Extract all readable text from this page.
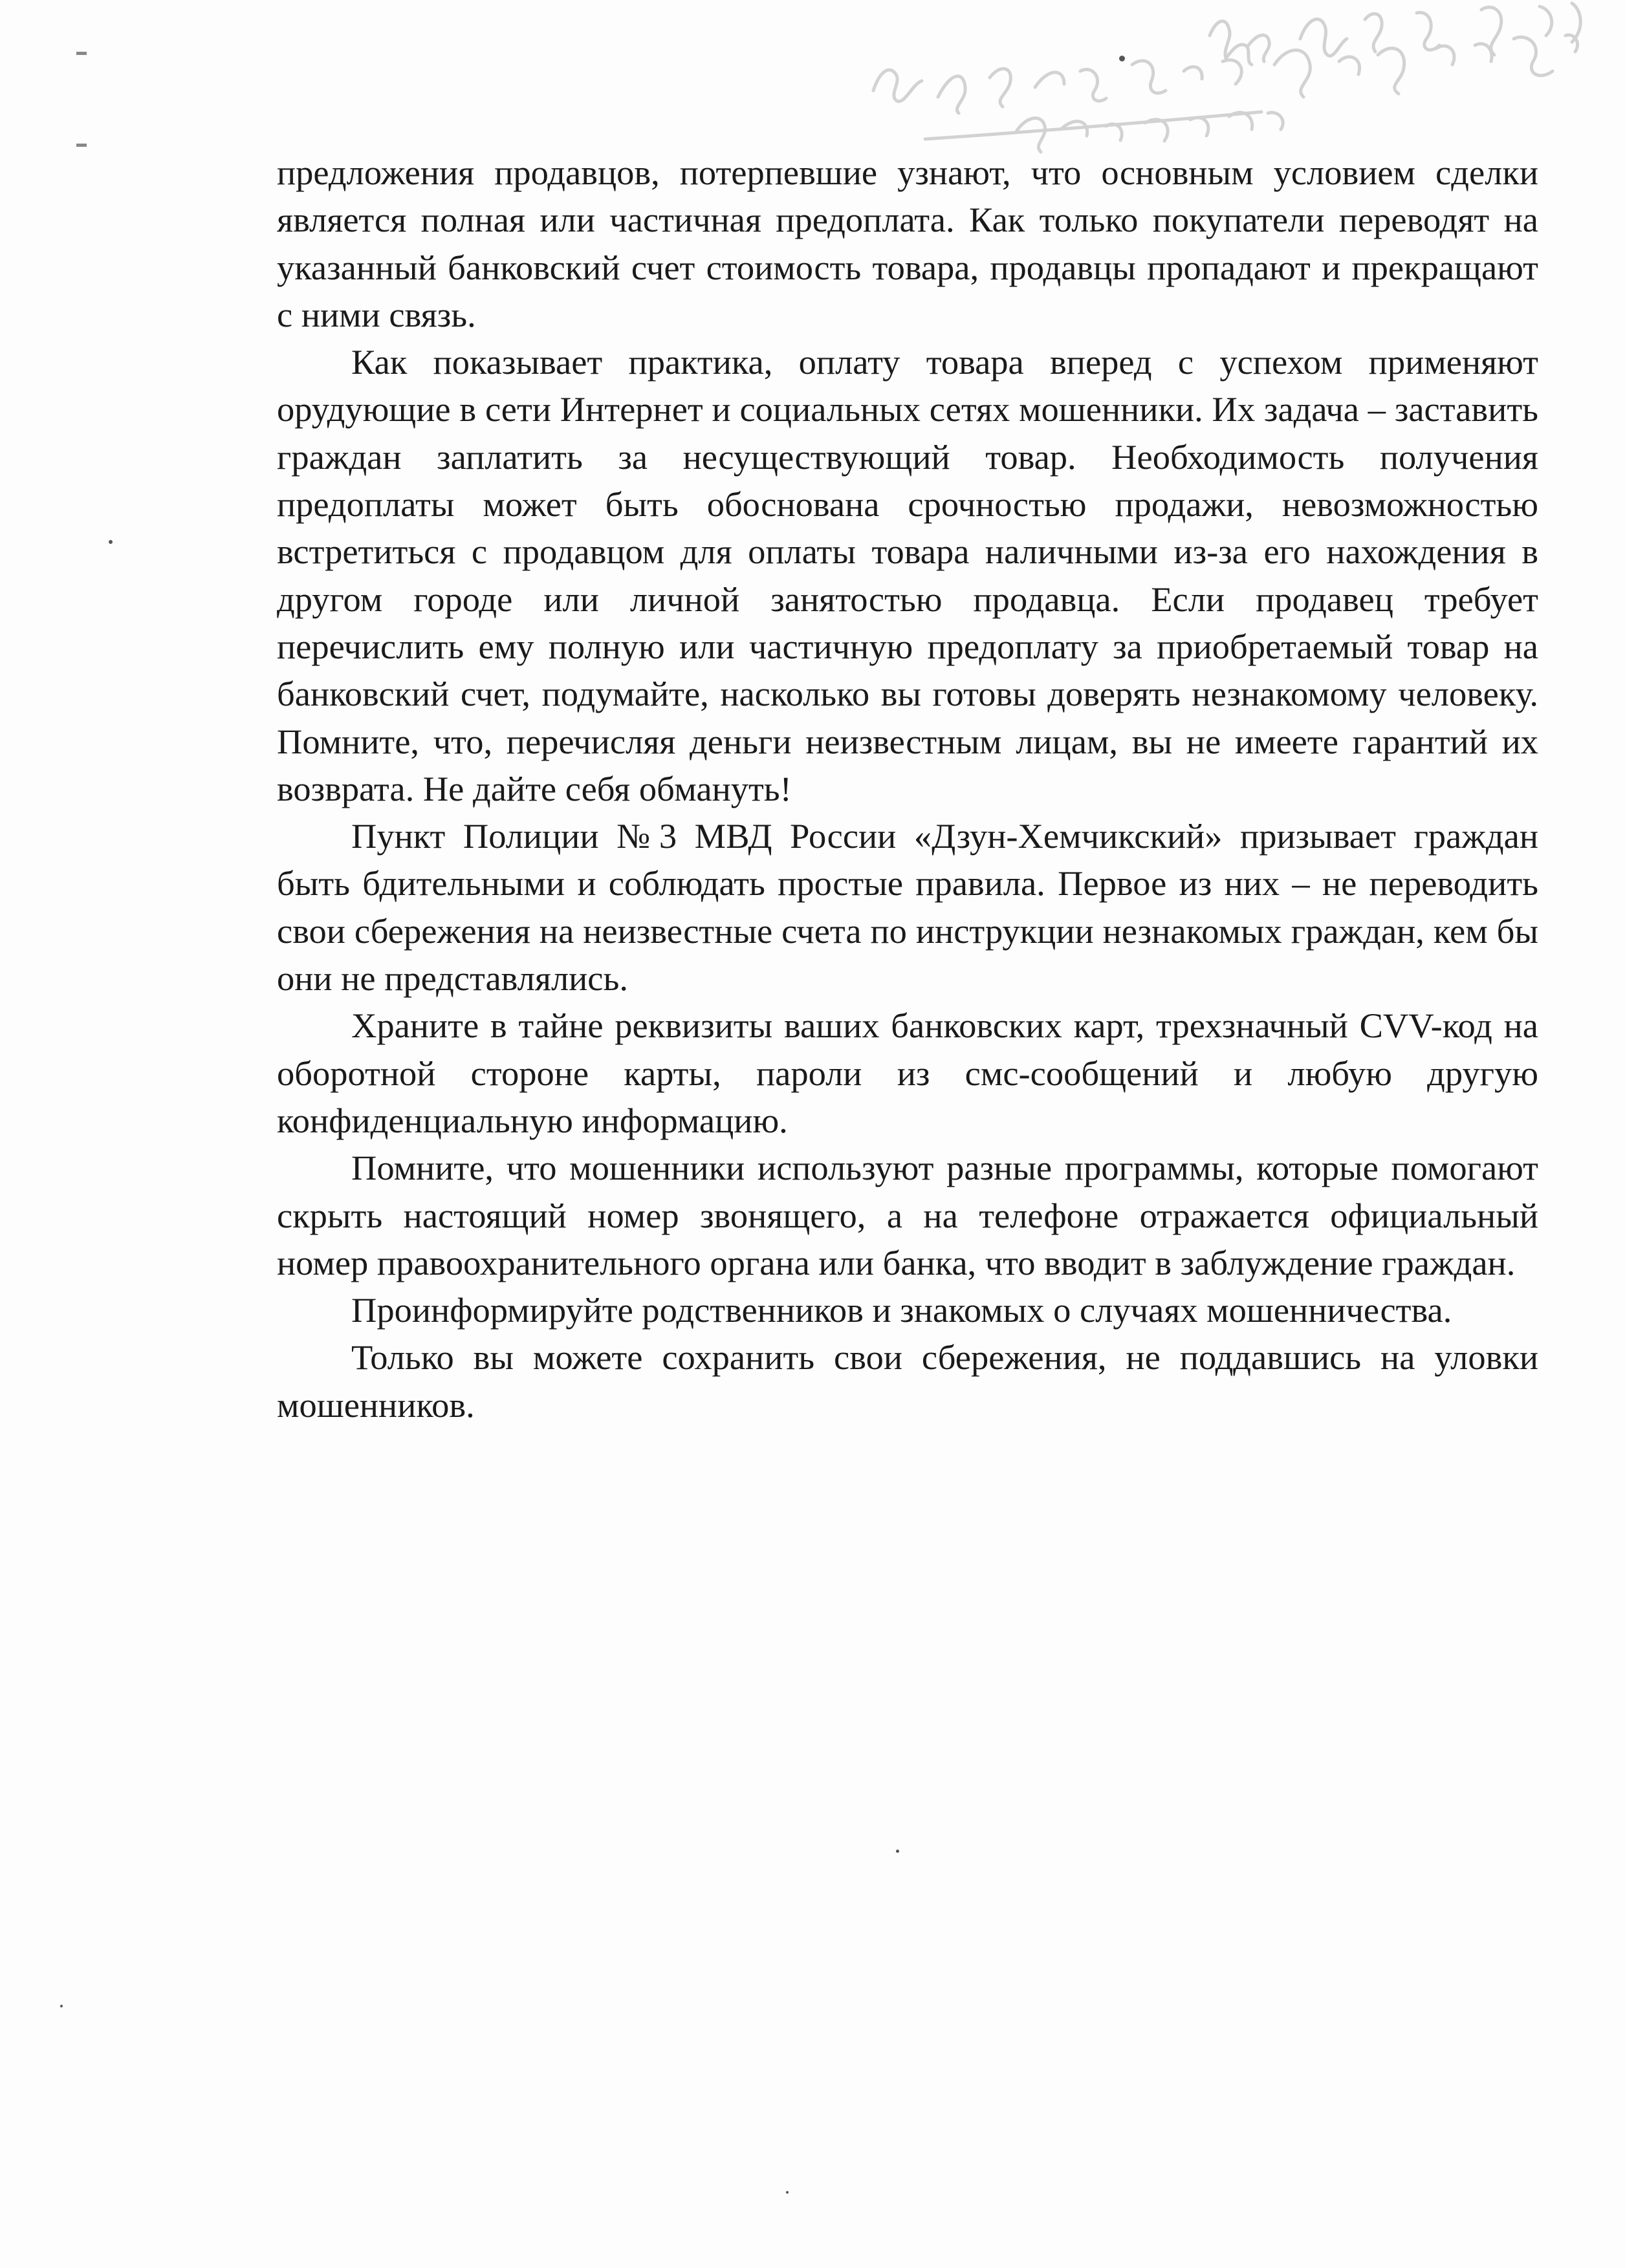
предложения продавцов, потерпевшие узнают, что основным условием сделки является полная или частичная предоплата. Как только покупатели переводят на указанный банковский счет стоимость товара, продавцы пропадают и прекращают с ними связь.

Как показывает практика, оплату товара вперед с успехом применяют орудующие в сети Интернет и социальных сетях мошенники. Их задача – заставить граждан заплатить за несуществующий товар. Необходимость получения предоплаты может быть обоснована срочностью продажи, невозможностью встретиться с продавцом для оплаты товара наличными из-за его нахождения в другом городе или личной занятостью продавца. Если продавец требует перечислить ему полную или частичную предоплату за приобретаемый товар на банковский счет, подумайте, насколько вы готовы доверять незнакомому человеку. Помните, что, перечисляя деньги неизвестным лицам, вы не имеете гарантий их возврата. Не дайте себя обмануть!

Пункт Полиции №3 МВД России «Дзун-Хемчикский» призывает граждан быть бдительными и соблюдать простые правила. Первое из них – не переводить свои сбережения на неизвестные счета по инструкции незнакомых граждан, кем бы они не представлялись.

Храните в тайне реквизиты ваших банковских карт, трехзначный CVV-код на оборотной стороне карты, пароли из смс-сообщений и любую другую конфиденциальную информацию.

Помните, что мошенники используют разные программы, которые помогают скрыть настоящий номер звонящего, а на телефоне отражается официальный номер правоохранительного органа или банка, что вводит в заблуждение граждан.

Проинформируйте родственников и знакомых о случаях мошенничества.

Только вы можете сохранить свои сбережения, не поддавшись на уловки мошенников.
